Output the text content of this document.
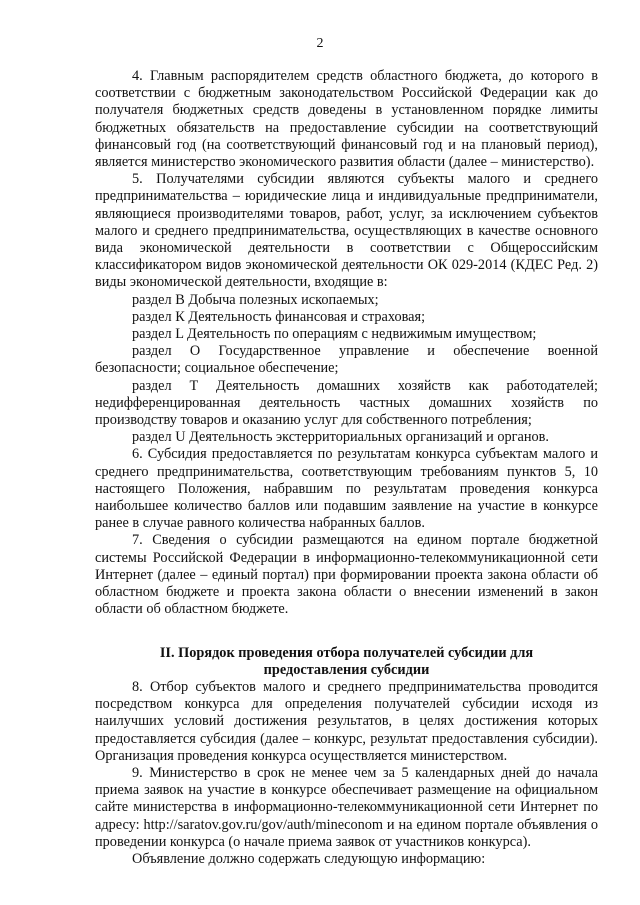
2

4. Главным распорядителем средств областного бюджета, до которого в соответствии с бюджетным законодательством Российской Федерации как до получателя бюджетных средств доведены в установленном порядке лимиты бюджетных обязательств на предоставление субсидии на соответствующий финансовый год (на соответствующий финансовый год и на плановый период), является министерство экономического развития области (далее – министерство).

5. Получателями субсидии являются субъекты малого и среднего предпринимательства – юридические лица и индивидуальные предприниматели, являющиеся производителями товаров, работ, услуг, за исключением субъектов малого и среднего предпринимательства, осуществляющих в качестве основного вида экономической деятельности в соответствии с Общероссийским классификатором видов экономической деятельности ОК 029-2014 (КДЕС Ред. 2) виды экономической деятельности, входящие в:

раздел В Добыча полезных ископаемых;

раздел К Деятельность финансовая и страховая;

раздел L Деятельность по операциям с недвижимым имуществом;

раздел О Государственное управление и обеспечение военной безопасности; социальное обеспечение;

раздел Т Деятельность домашних хозяйств как работодателей; недифференцированная деятельность частных домашних хозяйств по производству товаров и оказанию услуг для собственного потребления;

раздел U Деятельность экстерриториальных организаций и органов.

6. Субсидия предоставляется по результатам конкурса субъектам малого и среднего предпринимательства, соответствующим требованиям пунктов 5, 10 настоящего Положения, набравшим по результатам проведения конкурса наибольшее количество баллов или подавшим заявление на участие в конкурсе ранее в случае равного количества набранных баллов.

7. Сведения о субсидии размещаются на едином портале бюджетной системы Российской Федерации в информационно-телекоммуникационной сети Интернет (далее – единый портал) при формировании проекта закона области об областном бюджете и проекта закона области о внесении изменений в закон области об областном бюджете.

II. Порядок проведения отбора получателей субсидии для
предоставления субсидии

8. Отбор субъектов малого и среднего предпринимательства проводится посредством конкурса для определения получателей субсидии исходя из наилучших условий достижения результатов, в целях достижения которых предоставляется субсидия (далее – конкурс, результат предоставления субсидии). Организация проведения конкурса осуществляется министерством.

9. Министерство в срок не менее чем за 5 календарных дней до начала приема заявок на участие в конкурсе обеспечивает размещение на официальном сайте министерства в информационно-телекоммуникационной сети Интернет по адресу: http://saratov.gov.ru/gov/auth/mineconom и на едином портале объявления о проведении конкурса (о начале приема заявок от участников конкурса).

Объявление должно содержать следующую информацию:
